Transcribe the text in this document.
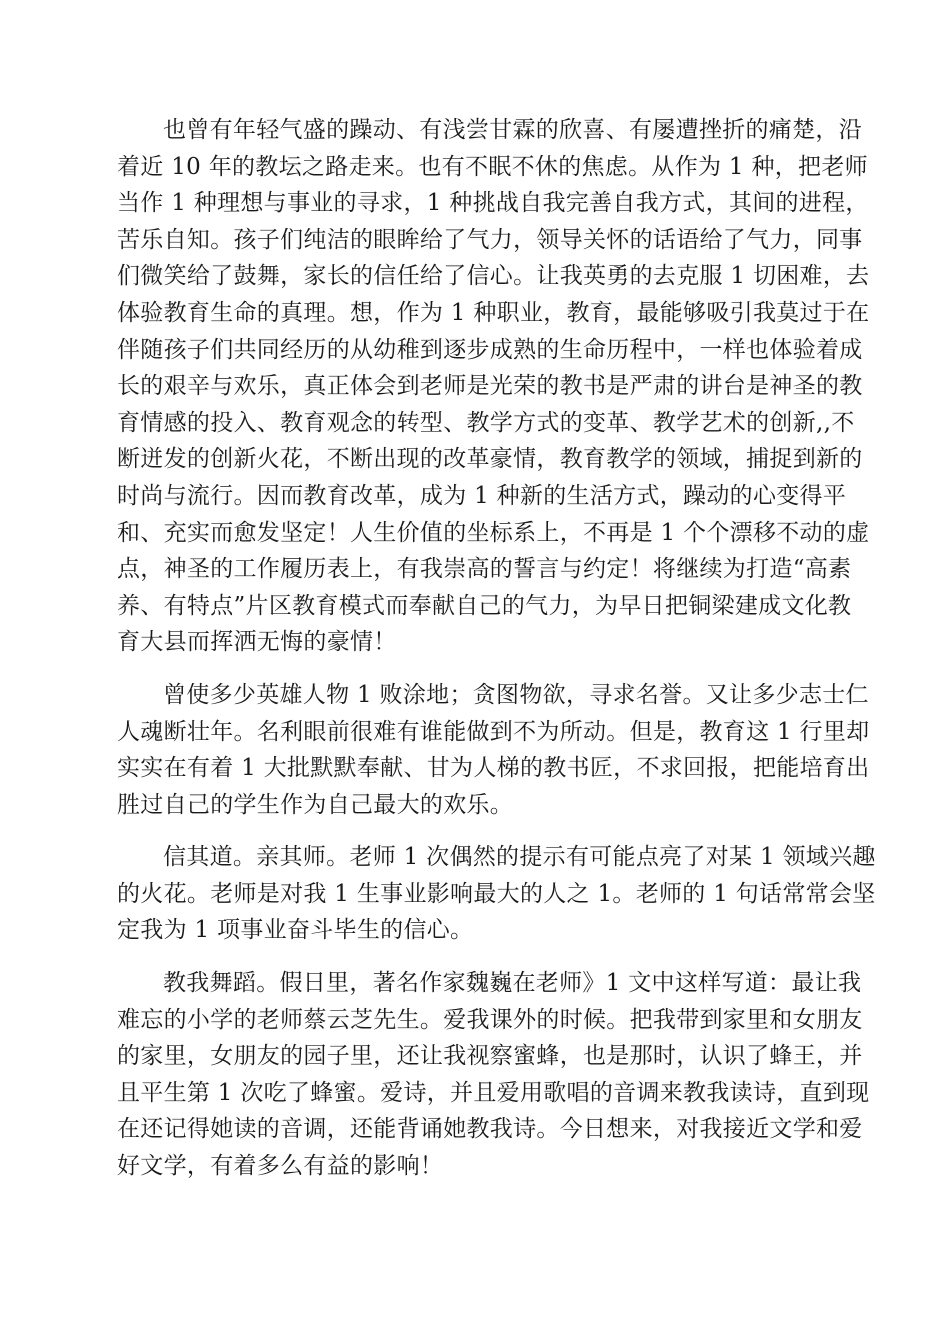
也曾有年轻气盛的躁动、有浅尝甘霖的欣喜、有屡遭挫折的痛楚，沿
着近 10 年的教坛之路走来。也有不眠不休的焦虑。从作为 1 种，把老师
当作 1 种理想与事业的寻求，1 种挑战自我完善自我方式，其间的进程，
苦乐自知。孩子们纯洁的眼眸给了气力，领导关怀的话语给了气力，同事
们微笑给了鼓舞，家长的信任给了信心。让我英勇的去克服 1 切困难，去
体验教育生命的真理。想，作为 1 种职业，教育，最能够吸引我莫过于在
伴随孩子们共同经历的从幼稚到逐步成熟的生命历程中，一样也体验着成
长的艰辛与欢乐，真正体会到老师是光荣的教书是严肃的讲台是神圣的教
育情感的投入、教育观念的转型、教学方式的变革、教学艺术的创新,,不
断迸发的创新火花，不断出现的改革豪情，教育教学的领域，捕捉到新的
时尚与流行。因而教育改革，成为 1 种新的生活方式，躁动的心变得平
和、充实而愈发坚定！人生价值的坐标系上，不再是 1 个个漂移不动的虚
点，神圣的工作履历表上，有我崇高的誓言与约定！将继续为打造“高素
养、有特点”片区教育模式而奉献自己的气力，为早日把铜梁建成文化教
育大县而挥洒无悔的豪情！

曾使多少英雄人物 1 败涂地；贪图物欲，寻求名誉。又让多少志士仁
人魂断壮年。名利眼前很难有谁能做到不为所动。但是，教育这 1 行里却
实实在有着 1 大批默默奉献、甘为人梯的教书匠，不求回报，把能培育出
胜过自己的学生作为自己最大的欢乐。

信其道。亲其师。老师 1 次偶然的提示有可能点亮了对某 1 领域兴趣
的火花。老师是对我 1 生事业影响最大的人之 1。老师的 1 句话常常会坚
定我为 1 项事业奋斗毕生的信心。

教我舞蹈。假日里，著名作家魏巍在老师》1 文中这样写道：最让我
难忘的小学的老师蔡云芝先生。爱我课外的时候。把我带到家里和女朋友
的家里，女朋友的园子里，还让我视察蜜蜂，也是那时，认识了蜂王，并
且平生第 1 次吃了蜂蜜。爱诗，并且爱用歌唱的音调来教我读诗，直到现
在还记得她读的音调，还能背诵她教我诗。今日想来，对我接近文学和爱
好文学，有着多么有益的影响！
